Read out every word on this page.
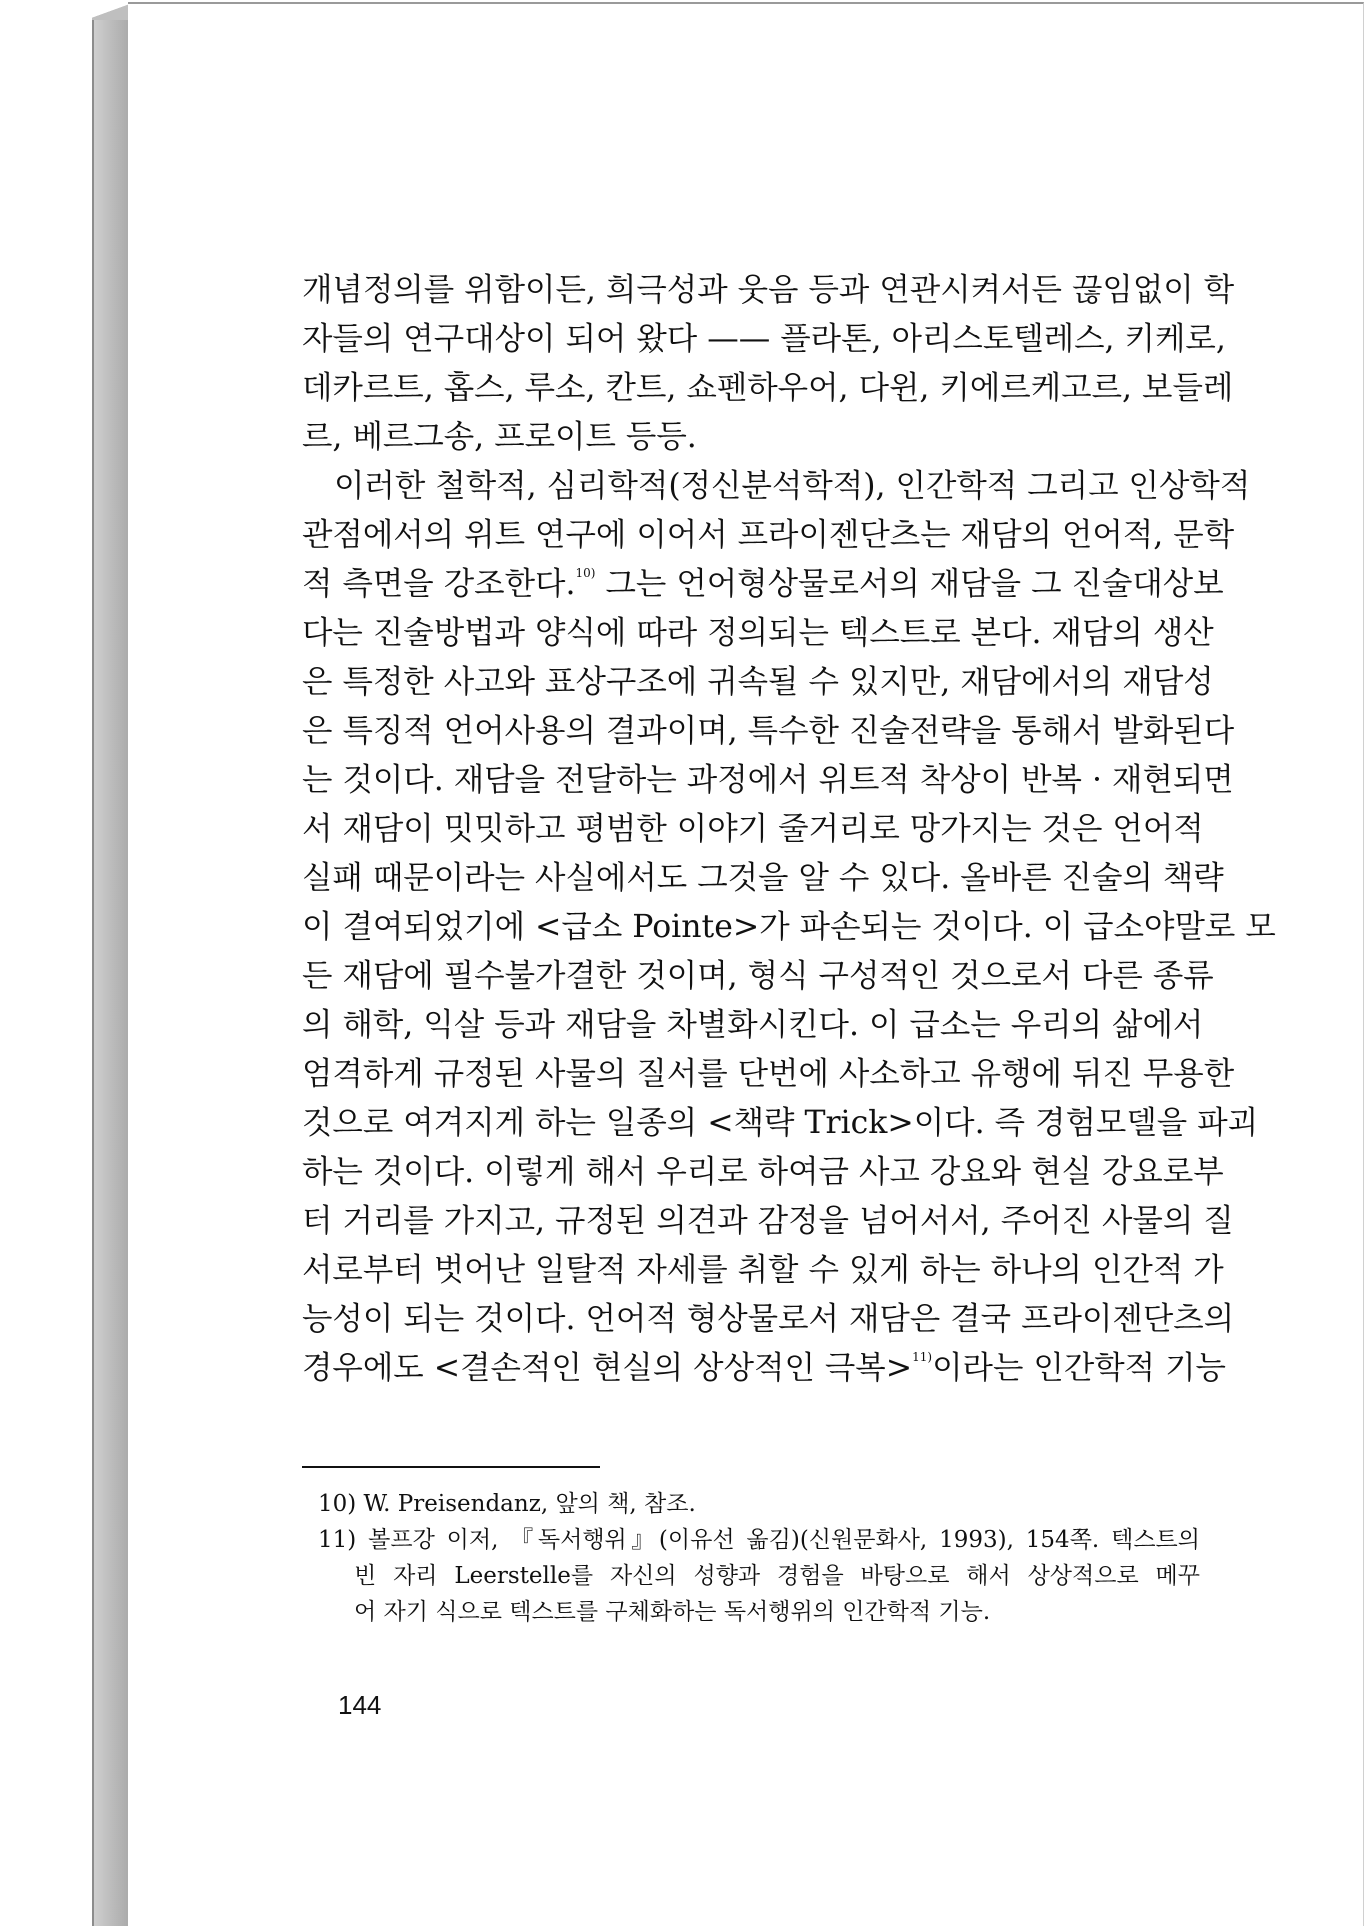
개념정의를 위함이든, 희극성과 웃음 등과 연관시켜서든 끊임없이 학
자들의 연구대상이 되어 왔다 —— 플라톤, 아리스토텔레스, 키케로,
데카르트, 홉스, 루소, 칸트, 쇼펜하우어, 다윈, 키에르케고르, 보들레
르, 베르그송, 프로이트 등등.
이러한 철학적, 심리학적(정신분석학적), 인간학적 그리고 인상학적
관점에서의 위트 연구에 이어서 프라이젠단츠는 재담의 언어적, 문학
적 측면을 강조한다.$^{10)}$ 그는 언어형상물로서의 재담을 그 진술대상보
다는 진술방법과 양식에 따라 정의되는 텍스트로 본다. 재담의 생산
은 특정한 사고와 표상구조에 귀속될 수 있지만, 재담에서의 재담성
은 특징적 언어사용의 결과이며, 특수한 진술전략을 통해서 발화된다
는 것이다. 재담을 전달하는 과정에서 위트적 착상이 반복 · 재현되면
서 재담이 밋밋하고 평범한 이야기 줄거리로 망가지는 것은 언어적
실패 때문이라는 사실에서도 그것을 알 수 있다. 올바른 진술의 책략
이 결여되었기에 <급소 Pointe>가 파손되는 것이다. 이 급소야말로 모
든 재담에 필수불가결한 것이며, 형식 구성적인 것으로서 다른 종류
의 해학, 익살 등과 재담을 차별화시킨다. 이 급소는 우리의 삶에서
엄격하게 규정된 사물의 질서를 단번에 사소하고 유행에 뒤진 무용한
것으로 여겨지게 하는 일종의 <책략 Trick>이다. 즉 경험모델을 파괴
하는 것이다. 이렇게 해서 우리로 하여금 사고 강요와 현실 강요로부
터 거리를 가지고, 규정된 의견과 감정을 넘어서서, 주어진 사물의 질
서로부터 벗어난 일탈적 자세를 취할 수 있게 하는 하나의 인간적 가
능성이 되는 것이다. 언어적 형상물로서 재담은 결국 프라이젠단츠의
경우에도 <결손적인 현실의 상상적인 극복>$^{11)}$이라는 인간학적 기능
10) W. Preisendanz, 앞의 책, 참조.
11) 볼프강 이저, 『독서행위』(이유선 옮김)(신원문화사, 1993), 154쪽. 텍스트의
빈 자리 Leerstelle를 자신의 성향과 경험을 바탕으로 해서 상상적으로 메꾸
어 자기 식으로 텍스트를 구체화하는 독서행위의 인간학적 기능.
144
